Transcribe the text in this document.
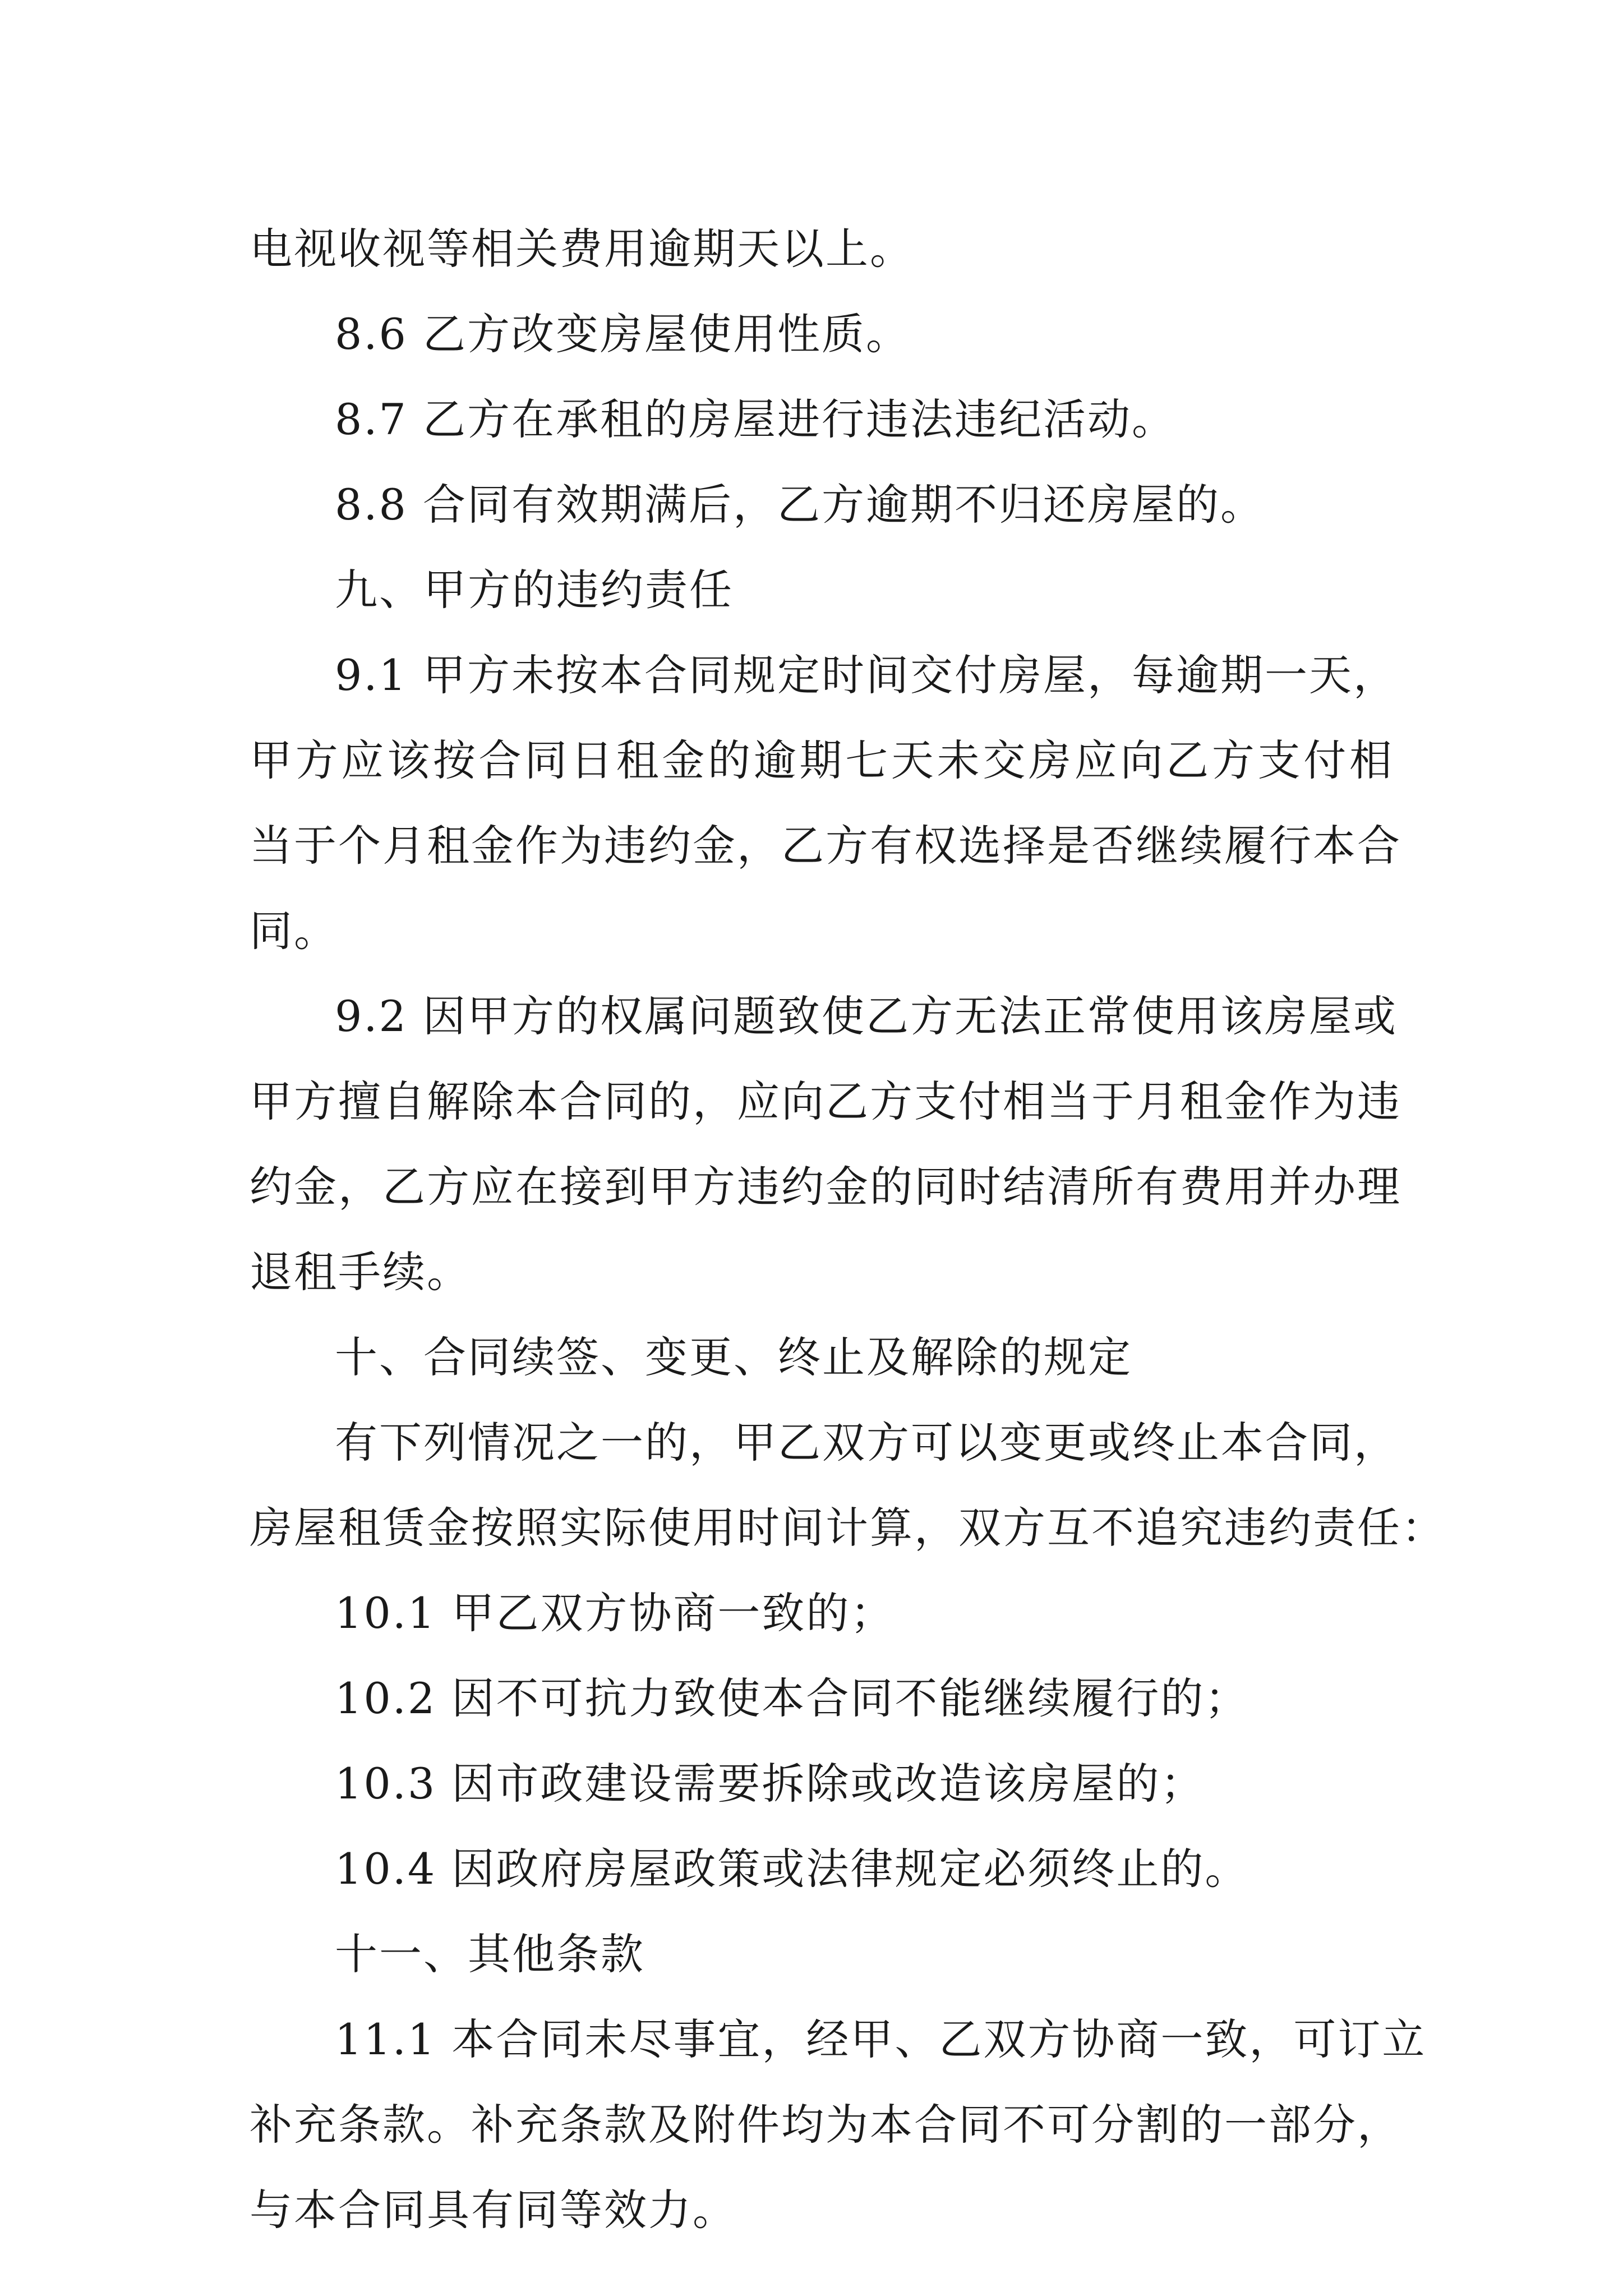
电视收视等相关费用逾期天以上。
8.6 乙方改变房屋使用性质。
8.7 乙方在承租的房屋进行违法违纪活动。
8.8 合同有效期满后，乙方逾期不归还房屋的。
九、甲方的违约责任
9.1 甲方未按本合同规定时间交付房屋，每逾期一天，
甲方应该按合同日租金的逾期七天未交房应向乙方支付相
当于个月租金作为违约金，乙方有权选择是否继续履行本合
同。
9.2 因甲方的权属问题致使乙方无法正常使用该房屋或
甲方擅自解除本合同的，应向乙方支付相当于月租金作为违
约金，乙方应在接到甲方违约金的同时结清所有费用并办理
退租手续。
十、合同续签、变更、终止及解除的规定
有下列情况之一的，甲乙双方可以变更或终止本合同，
房屋租赁金按照实际使用时间计算，双方互不追究违约责任：
10.1 甲乙双方协商一致的；
10.2 因不可抗力致使本合同不能继续履行的；
10.3 因市政建设需要拆除或改造该房屋的；
10.4 因政府房屋政策或法律规定必须终止的。
十一、其他条款
11.1 本合同未尽事宜，经甲、乙双方协商一致，可订立
补充条款。补充条款及附件均为本合同不可分割的一部分，
与本合同具有同等效力。
